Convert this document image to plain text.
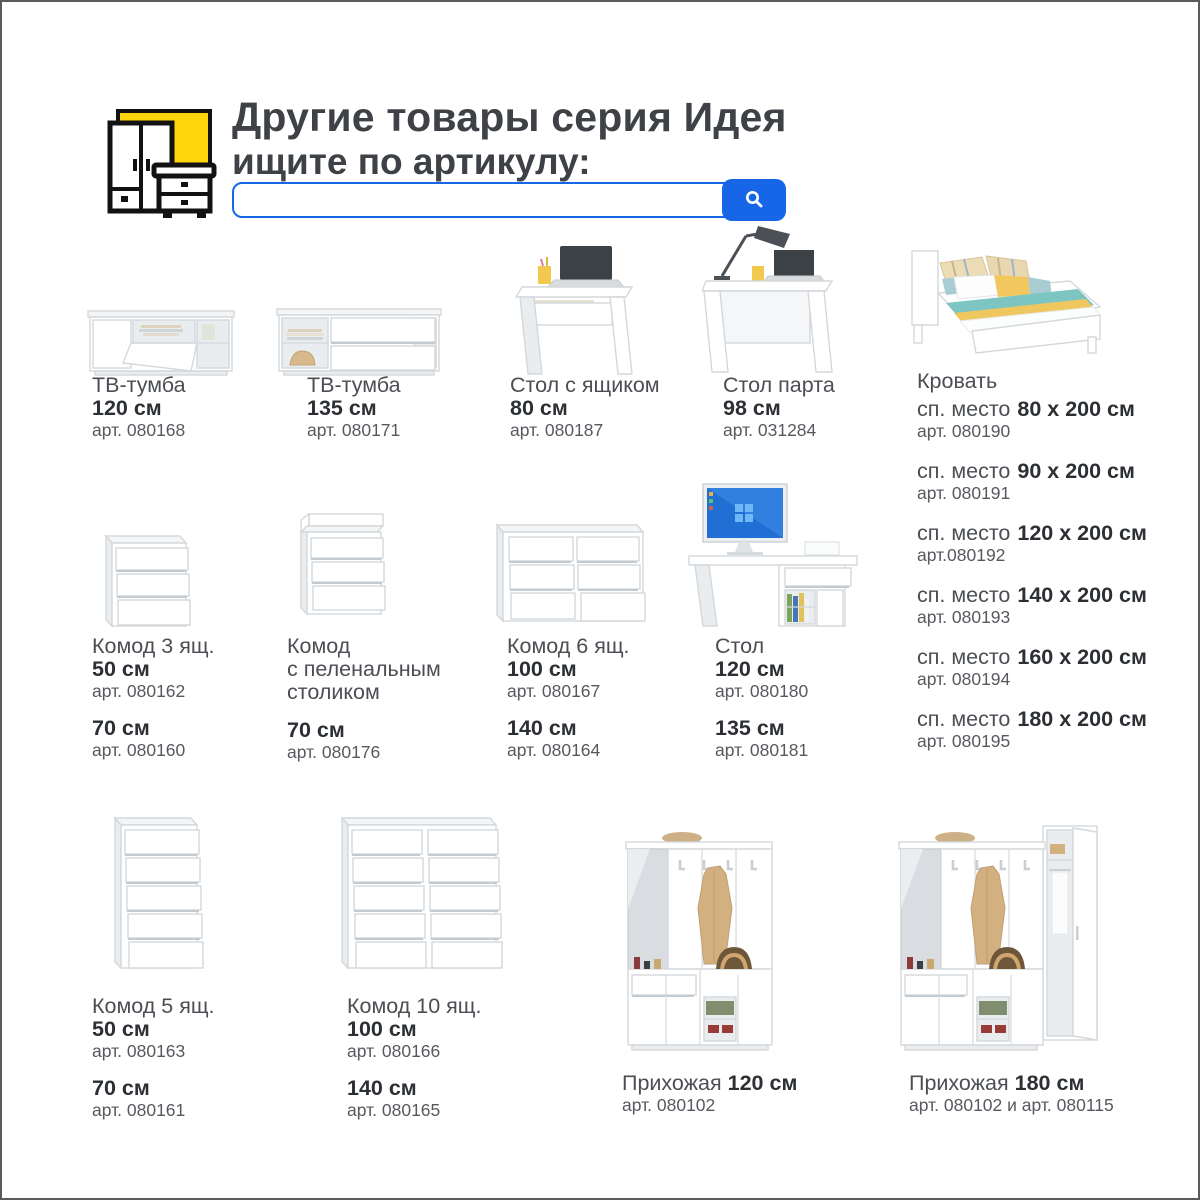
Другие товары серия Идея
ищите по артикулу:
ТВ-тумба
120 см
арт. 080168
ТВ-тумба
135 см
арт. 080171
Стол с ящиком
80 см
арт. 080187
Стол парта
98 см
арт. 031284
Кровать
сп. место 80 x 200 см
арт. 080190
сп. место 90 x 200 см
арт. 080191
сп. место 120 x 200 см
арт.080192
сп. место 140 x 200 см
арт. 080193
сп. место 160 x 200 см
арт. 080194
сп. место 180 x 200 см
арт. 080195
Комод 3 ящ.
50 см
арт. 080162
70 см
арт. 080160
Комод
с пеленальным
столиком
70 см
арт. 080176
Комод 6 ящ.
100 см
арт. 080167
140 см
арт. 080164
Стол
120 см
арт. 080180
135 см
арт. 080181
Комод 5 ящ.
50 см
арт. 080163
70 см
арт. 080161
Комод 10 ящ.
100 см
арт. 080166
140 см
арт. 080165
Прихожая 120 см
арт. 080102
Прихожая 180 см
арт. 080102 и арт. 080115
